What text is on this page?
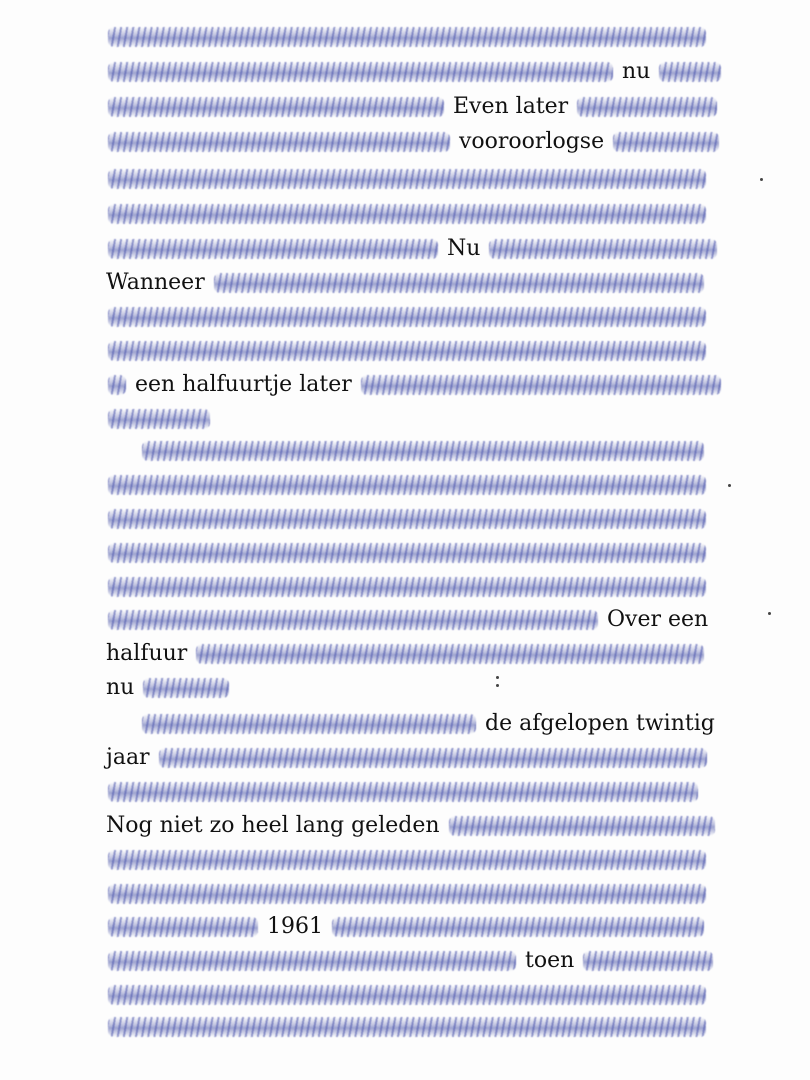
nu
Even later
vooroorlogse
Nu
Wanneer
een halfuurtje later
Over een
halfuur
nu
de afgelopen twintig
jaar
Nog niet zo heel lang geleden
1961
toen
